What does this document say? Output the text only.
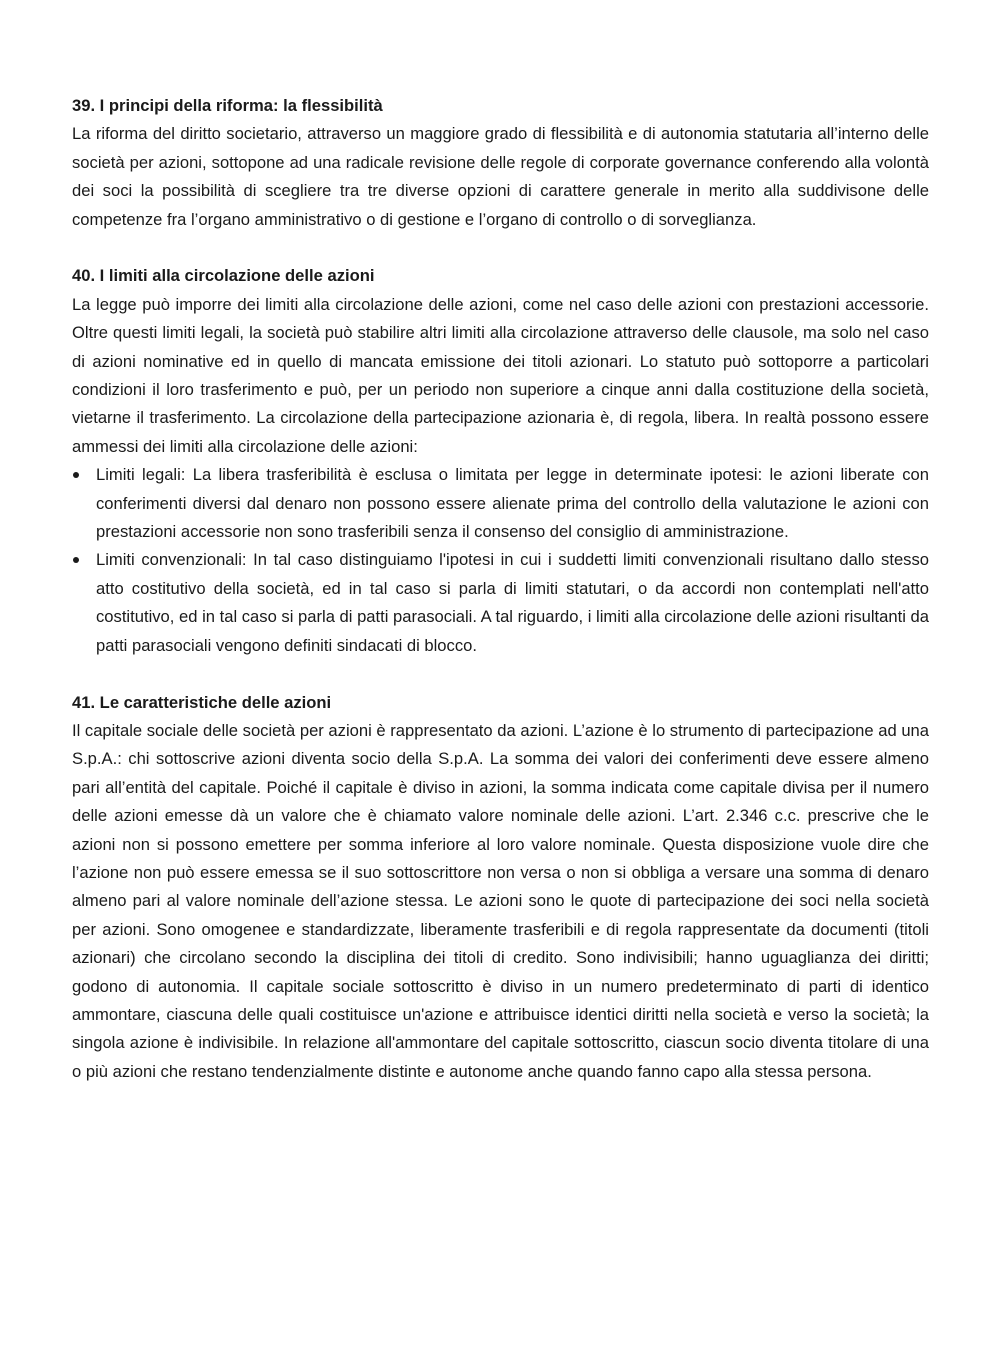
39. I principi della riforma: la flessibilità

La riforma del diritto societario, attraverso un maggiore grado di flessibilità e di autonomia statutaria all’interno delle società per azioni, sottopone ad una radicale revisione delle regole di corporate governance conferendo alla volontà dei soci la possibilità di scegliere tra tre diverse opzioni di carattere generale in merito alla suddivisone delle competenze fra l’organo amministrativo o di gestione e l’organo di controllo o di sorveglianza.

40. I limiti alla circolazione delle azioni

La legge può imporre dei limiti alla circolazione delle azioni, come nel caso delle azioni con prestazioni accessorie. Oltre questi limiti legali, la società può stabilire altri limiti alla circolazione attraverso delle clausole, ma solo nel caso di azioni nominative ed in quello di mancata emissione dei titoli azionari. Lo statuto può sottoporre a particolari condizioni il loro trasferimento e può, per un periodo non superiore a cinque anni dalla costituzione della società, vietarne il trasferimento. La circolazione della partecipazione azionaria è, di regola, libera. In realtà possono essere ammessi dei limiti alla circolazione delle azioni:

Limiti legali: La libera trasferibilità è esclusa o limitata per legge in determinate ipotesi: le azioni liberate con conferimenti diversi dal denaro non possono essere alienate prima del controllo della valutazione le azioni con prestazioni accessorie non sono trasferibili senza il consenso del consiglio di amministrazione.
Limiti convenzionali: In tal caso distinguiamo l'ipotesi in cui i suddetti limiti convenzionali risultano dallo stesso atto costitutivo della società, ed in tal caso si parla di limiti statutari, o da accordi non contemplati nell'atto costitutivo, ed in tal caso si parla di patti parasociali. A tal riguardo, i limiti alla circolazione delle azioni risultanti da patti parasociali vengono definiti sindacati di blocco.

41. Le caratteristiche delle azioni

Il capitale sociale delle società per azioni è rappresentato da azioni. L’azione è lo strumento di partecipazione ad una S.p.A.: chi sottoscrive azioni diventa socio della S.p.A. La somma dei valori dei conferimenti deve essere almeno pari all’entità del capitale. Poiché il capitale è diviso in azioni, la somma indicata come capitale divisa per il numero delle azioni emesse dà un valore che è chiamato valore nominale delle azioni. L’art. 2.346 c.c. prescrive che le azioni non si possono emettere per somma inferiore al loro valore nominale. Questa disposizione vuole dire che l’azione non può essere emessa se il suo sottoscrittore non versa o non si obbliga a versare una somma di denaro almeno pari al valore nominale dell’azione stessa. Le azioni sono le quote di partecipazione dei soci nella società per azioni. Sono omogenee e standardizzate, liberamente trasferibili e di regola rappresentate da documenti (titoli azionari) che circolano secondo la disciplina dei titoli di credito. Sono indivisibili; hanno uguaglianza dei diritti; godono di autonomia. Il capitale sociale sottoscritto è diviso in un numero predeterminato di parti di identico ammontare, ciascuna delle quali costituisce un'azione e attribuisce identici diritti nella società e verso la società; la singola azione è indivisibile. In relazione all'ammontare del capitale sottoscritto, ciascun socio diventa titolare di una o più azioni che restano tendenzialmente distinte e autonome anche quando fanno capo alla stessa persona.
